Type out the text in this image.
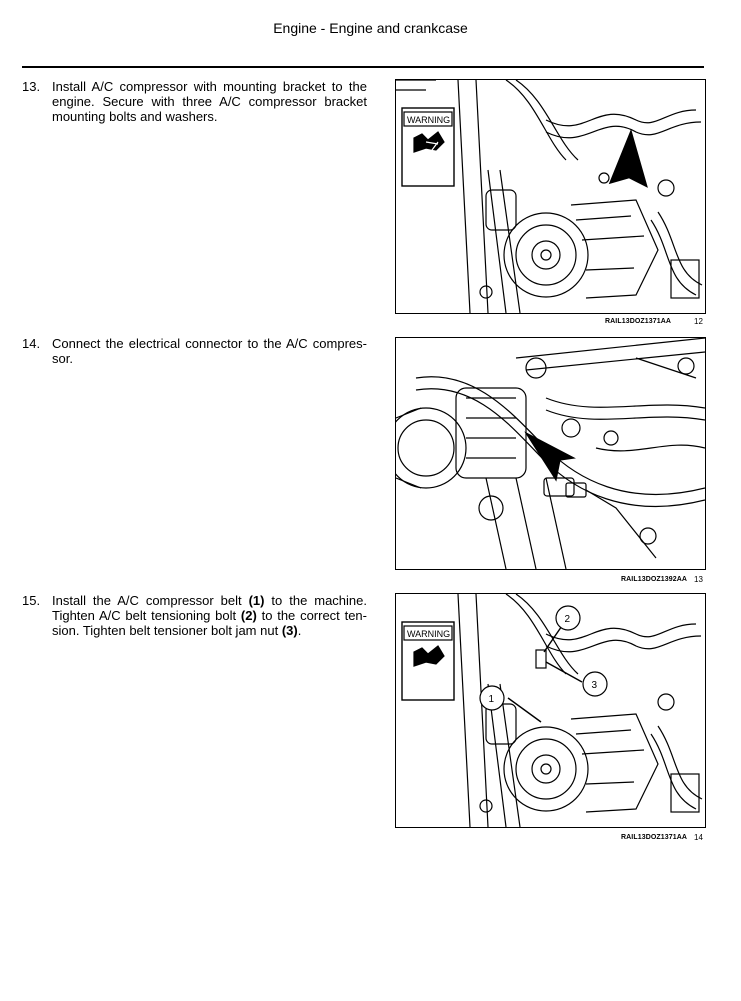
Engine - Engine and crankcase
13. Install A/C compressor with mounting bracket to the engine. Secure with three A/C compressor bracket mounting bolts and washers.
14. Connect the electrical connector to the A/C compres-sor.
15. Install the A/C compressor belt (1) to the machine. Tighten A/C belt tensioning bolt (2) to the correct ten-sion. Tighten belt tensioner bolt jam nut (3).
WARNING
RAIL13DOZ1371AA	12
RAIL13DOZ1392AA 13
WARNING
1
2
3
RAIL13DOZ1371AA 14
